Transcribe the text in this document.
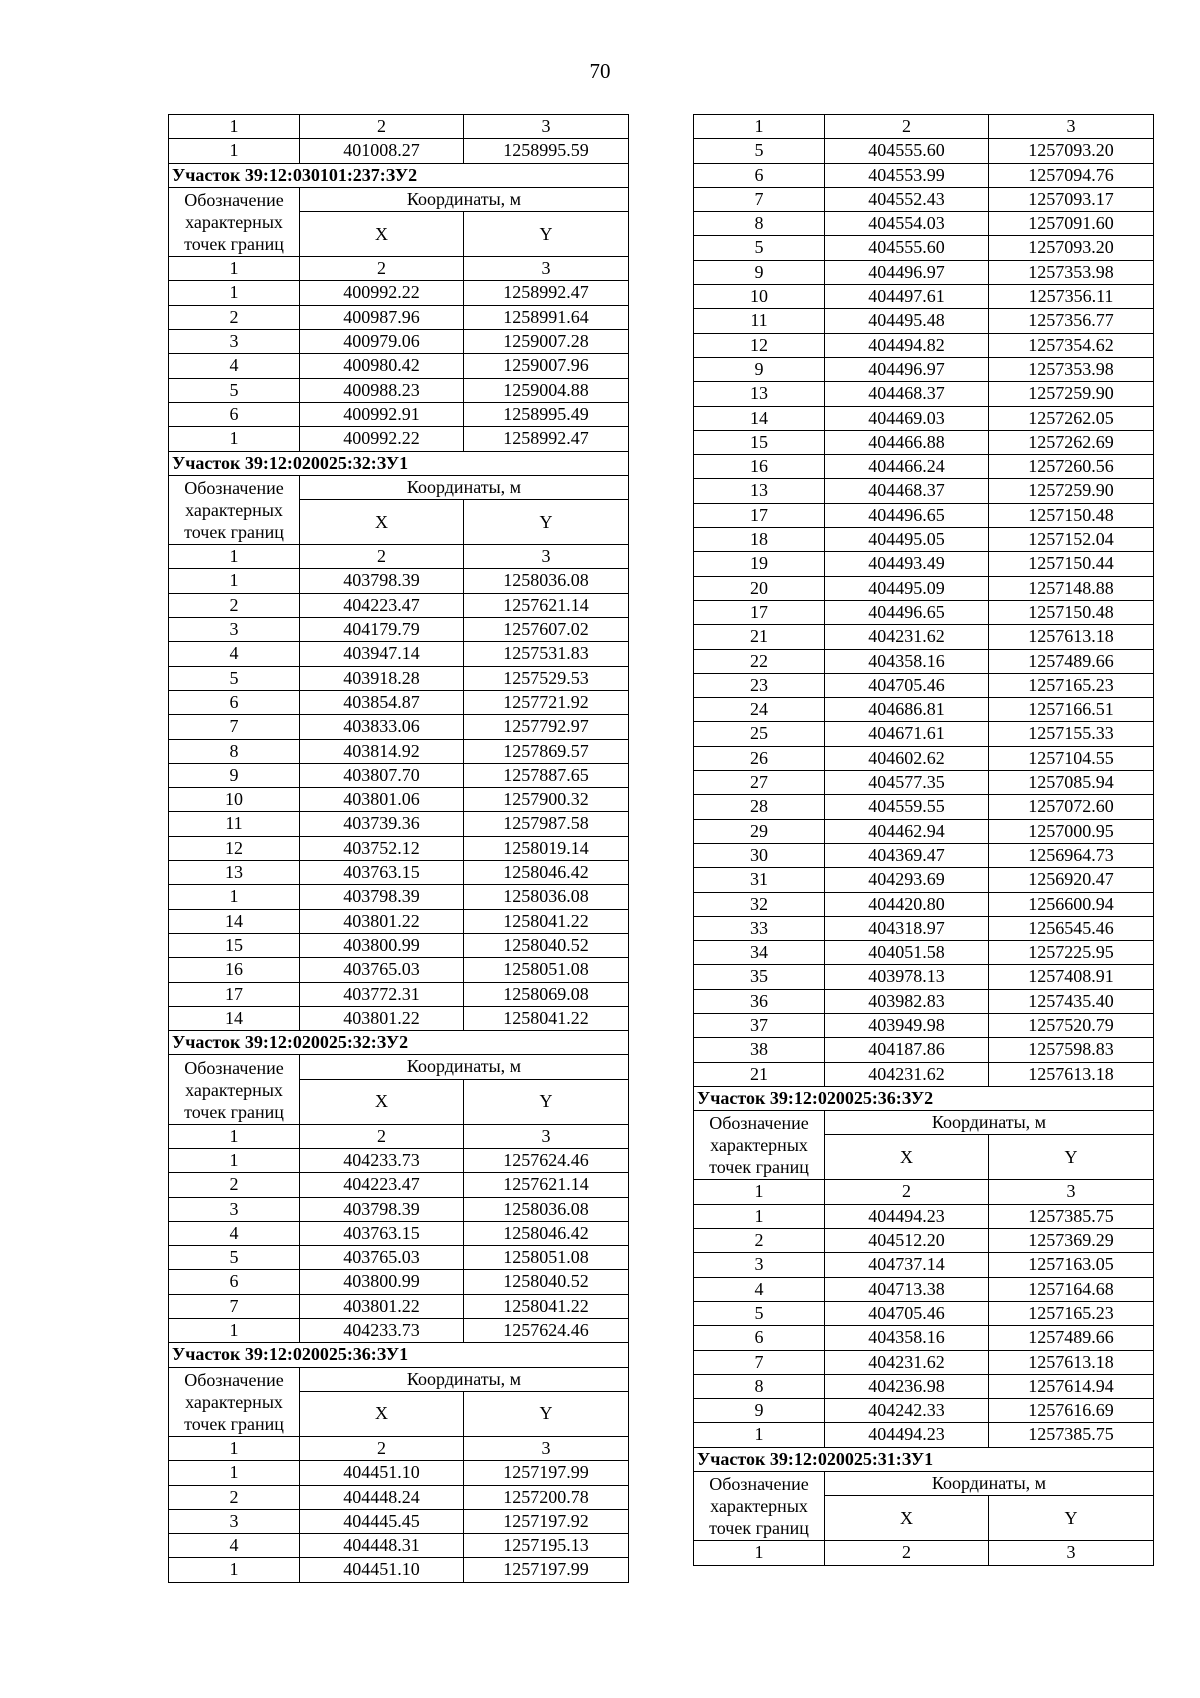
70
1	2	3
1	401008.27	1258995.59
Участок 39:12:030101:237:ЗУ2		
Обозначение характерных точек границ	Координаты, м	
	X	Y
1	2	3
1	400992.22	1258992.47
2	400987.96	1258991.64
3	400979.06	1259007.28
4	400980.42	1259007.96
5	400988.23	1259004.88
6	400992.91	1258995.49
1	400992.22	1258992.47
Участок 39:12:020025:32:ЗУ1		
Обозначение характерных точек границ	Координаты, м	
	X	Y
1	2	3
1	403798.39	1258036.08
2	404223.47	1257621.14
3	404179.79	1257607.02
4	403947.14	1257531.83
5	403918.28	1257529.53
6	403854.87	1257721.92
7	403833.06	1257792.97
8	403814.92	1257869.57
9	403807.70	1257887.65
10	403801.06	1257900.32
11	403739.36	1257987.58
12	403752.12	1258019.14
13	403763.15	1258046.42
1	403798.39	1258036.08
14	403801.22	1258041.22
15	403800.99	1258040.52
16	403765.03	1258051.08
17	403772.31	1258069.08
14	403801.22	1258041.22
Участок 39:12:020025:32:ЗУ2		
Обозначение характерных точек границ	Координаты, м	
	X	Y
1	2	3
1	404233.73	1257624.46
2	404223.47	1257621.14
3	403798.39	1258036.08
4	403763.15	1258046.42
5	403765.03	1258051.08
6	403800.99	1258040.52
7	403801.22	1258041.22
1	404233.73	1257624.46
Участок 39:12:020025:36:ЗУ1		
Обозначение характерных точек границ	Координаты, м	
	X	Y
1	2	3
1	404451.10	1257197.99
2	404448.24	1257200.78
3	404445.45	1257197.92
4	404448.31	1257195.13
1	404451.10	1257197.99
1	2	3
5	404555.60	1257093.20
6	404553.99	1257094.76
7	404552.43	1257093.17
8	404554.03	1257091.60
5	404555.60	1257093.20
9	404496.97	1257353.98
10	404497.61	1257356.11
11	404495.48	1257356.77
12	404494.82	1257354.62
9	404496.97	1257353.98
13	404468.37	1257259.90
14	404469.03	1257262.05
15	404466.88	1257262.69
16	404466.24	1257260.56
13	404468.37	1257259.90
17	404496.65	1257150.48
18	404495.05	1257152.04
19	404493.49	1257150.44
20	404495.09	1257148.88
17	404496.65	1257150.48
21	404231.62	1257613.18
22	404358.16	1257489.66
23	404705.46	1257165.23
24	404686.81	1257166.51
25	404671.61	1257155.33
26	404602.62	1257104.55
27	404577.35	1257085.94
28	404559.55	1257072.60
29	404462.94	1257000.95
30	404369.47	1256964.73
31	404293.69	1256920.47
32	404420.80	1256600.94
33	404318.97	1256545.46
34	404051.58	1257225.95
35	403978.13	1257408.91
36	403982.83	1257435.40
37	403949.98	1257520.79
38	404187.86	1257598.83
21	404231.62	1257613.18
Участок 39:12:020025:36:ЗУ2		
Обозначение характерных точек границ	Координаты, м	
	X	Y
1	2	3
1	404494.23	1257385.75
2	404512.20	1257369.29
3	404737.14	1257163.05
4	404713.38	1257164.68
5	404705.46	1257165.23
6	404358.16	1257489.66
7	404231.62	1257613.18
8	404236.98	1257614.94
9	404242.33	1257616.69
1	404494.23	1257385.75
Участок 39:12:020025:31:ЗУ1		
Обозначение характерных точек границ	Координаты, м	
	X	Y
1	2	3
